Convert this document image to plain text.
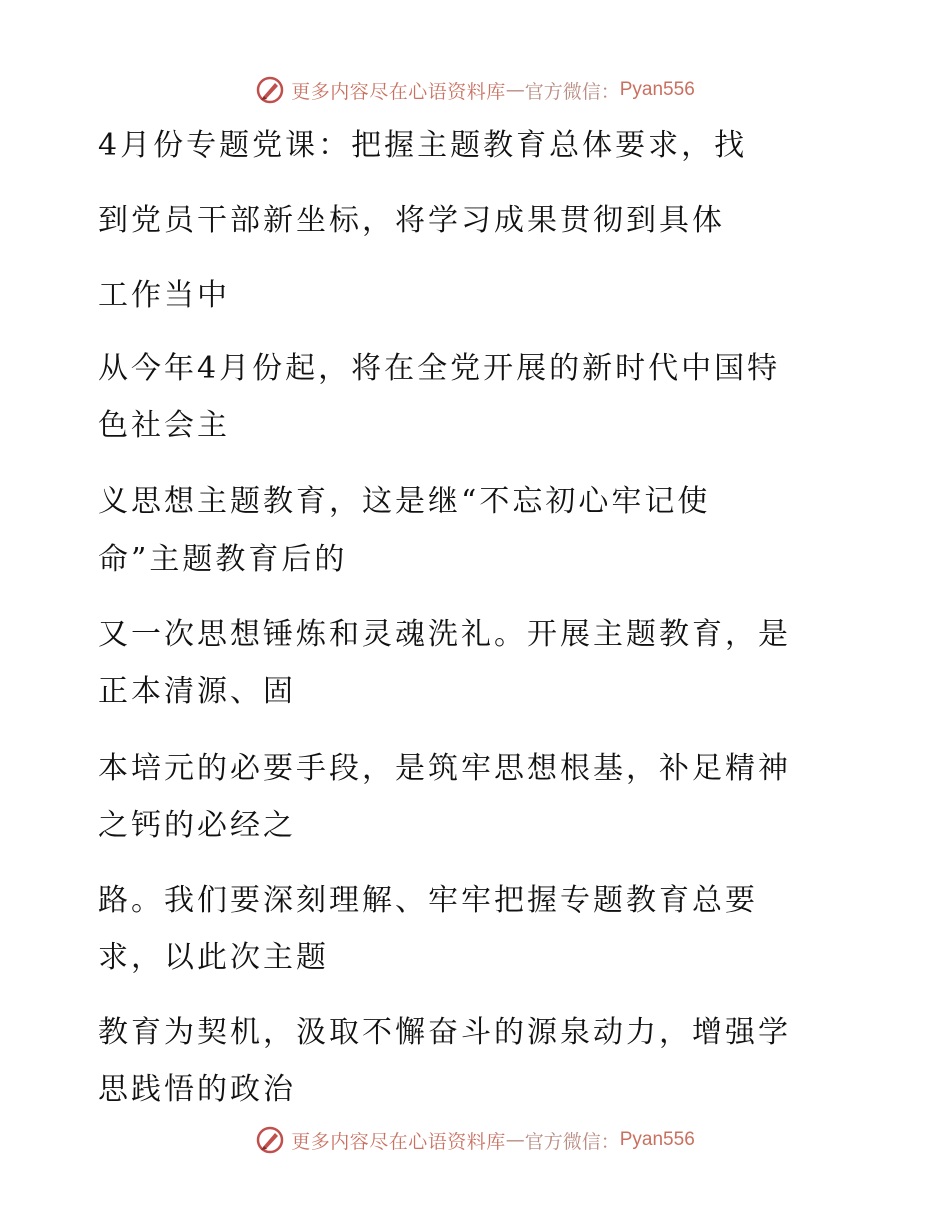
更多内容尽在心语资料库 — 官方微信： Pyan556
4月份专题党课：把握主题教育总体要求，找
到党员干部新坐标，将学习成果贯彻到具体
工作当中
从今年4月份起，将在全党开展的新时代中国特
色社会主
义思想主题教育，这是继“不忘初心牢记使
命”主题教育后的
又一次思想锤炼和灵魂洗礼。开展主题教育，是
正本清源、固
本培元的必要手段，是筑牢思想根基，补足精神
之钙的必经之
路。我们要深刻理解、牢牢把握专题教育总要
求，以此次主题
教育为契机，汲取不懈奋斗的源泉动力，增强学
思践悟的政治
更多内容尽在心语资料库 — 官方微信： Pyan556
